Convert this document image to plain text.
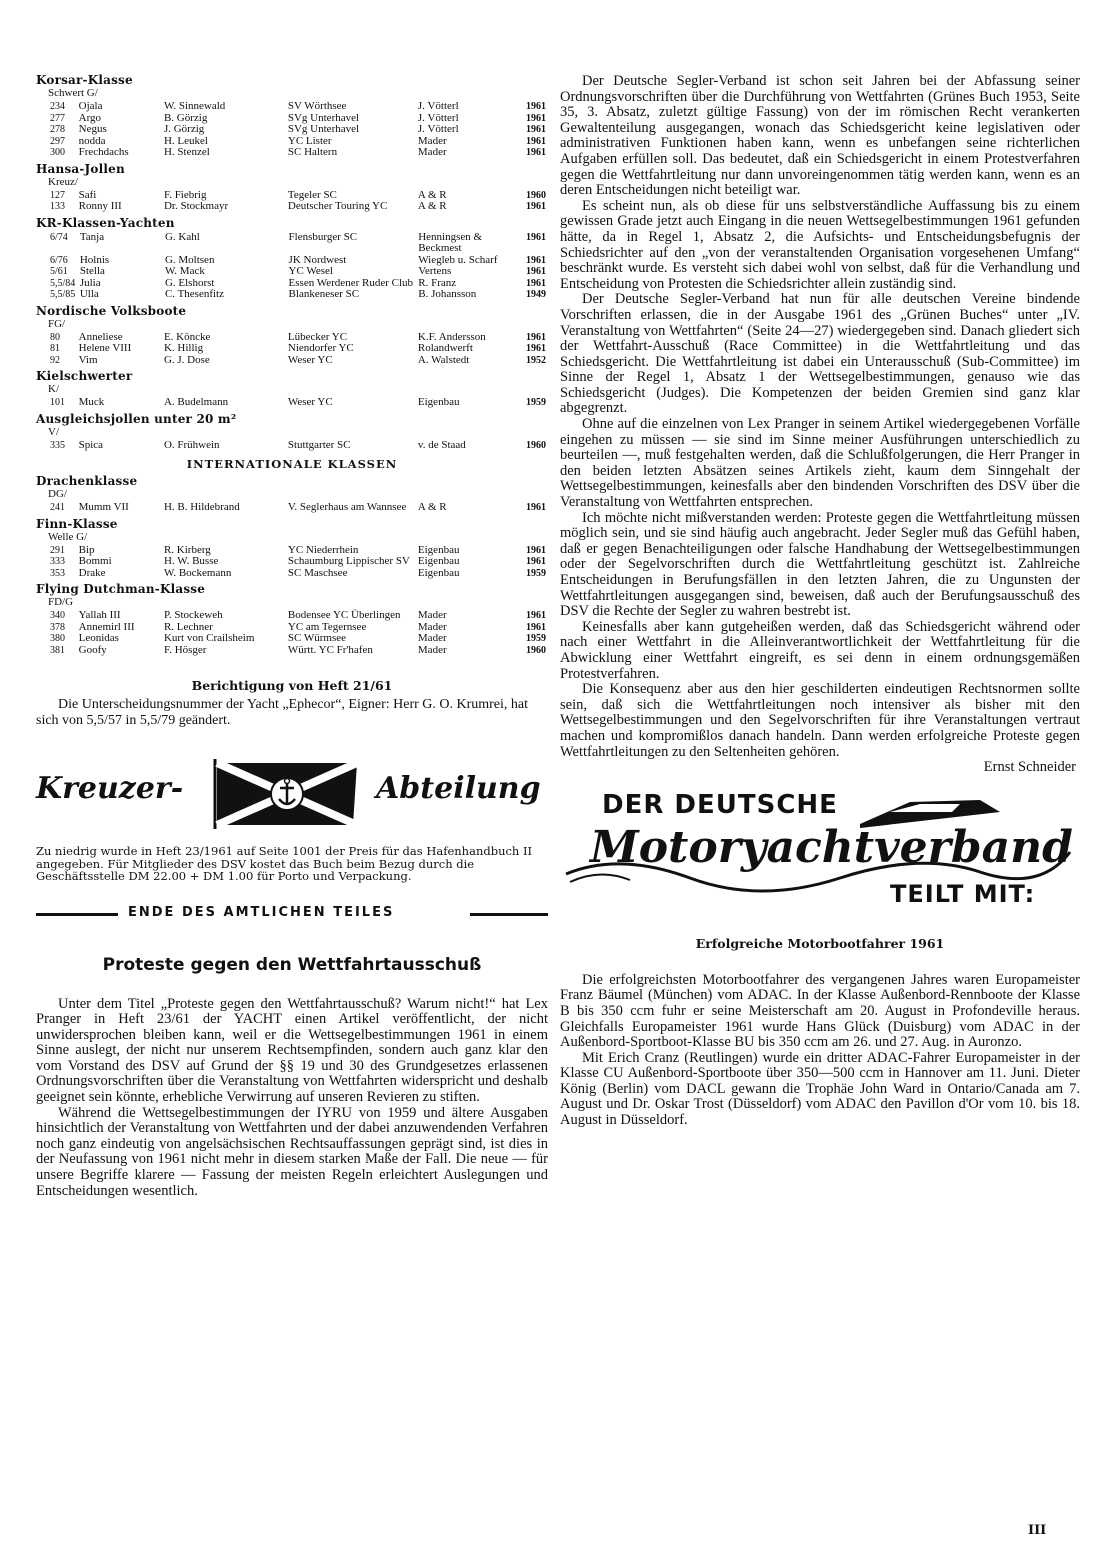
Korsar-Klasse
Schwert G/
234	Ojala	W. Sinnewald	SV Wörthsee	J. Vötterl	1961
277	Argo	B. Görzig	SVg Unterhavel	J. Vötterl	1961
278	Negus	J. Görzig	SVg Unterhavel	J. Vötterl	1961
297	nodda	H. Leukel	YC Lister	Mader	1961
300	Frechdachs	H. Stenzel	SC Haltern	Mader	1961
Hansa-Jollen
Kreuz/
127	Safi	F. Fiebrig	Tegeler SC	A & R	1960
133	Ronny III	Dr. Stockmayr	Deutscher Touring YC	A & R	1961
KR-Klassen-Yachten
6/74	Tanja	G. Kahl	Flensburger SC	Henningsen & Beckmest	1961
6/76	Holnis	G. Moltsen	JK Nordwest	Wiegleb u. Scharf	1961
5/61	Stella	W. Mack	YC Wesel	Vertens	1961
5,5/84	Julia	G. Elshorst	Essen Werdener Ruder Club	R. Franz	1961
5,5/85	Ulla	C. Thesenfitz	Blankeneser SC	B. Johansson	1949
Nordische Volksboote
FG/
80	Anneliese	E. Köncke	Lübecker YC	K.F. Andersson	1961
81	Helene VIII	K. Hillig	Niendorfer YC	Rolandwerft	1961
92	Vim	G. J. Dose	Weser YC	A. Walstedt	1952
Kielschwerter
K/
101	Muck	A. Budelmann	Weser YC	Eigenbau	1959
Ausgleichsjollen unter 20 m²
V/
335	Spica	O. Frühwein	Stuttgarter SC	v. de Staad	1960
INTERNATIONALE KLASSEN
Drachenklasse
DG/
241	Mumm VII	H. B. Hildebrand	V. Seglerhaus am Wannsee	A & R	1961
Finn-Klasse
Welle G/
291	Bip	R. Kirberg	YC Niederrhein	Eigenbau	1961
333	Bommi	H. W. Busse	Schaumburg Lippischer SV	Eigenbau	1961
353	Drake	W. Bockemann	SC Maschsee	Eigenbau	1959
Flying Dutchman-Klasse
FD/G
340	Yallah III	P. Stockeweh	Bodensee YC Überlingen	Mader	1961
378	Annemirl III	R. Lechner	YC am Tegernsee	Mader	1961
380	Leonidas	Kurt von Crailsheim	SC Würmsee	Mader	1959
381	Goofy	F. Hösger	Württ. YC Fr'hafen	Mader	1960
Berichtigung von Heft 21/61
Die Unterscheidungsnummer der Yacht „Ephecor“, Eigner: Herr G. O. Krumrei, hat sich von 5,5/57 in 5,5/79 geändert.
Kreuzer-	Abteilung
Zu niedrig wurde in Heft 23/1961 auf Seite 1001 der Preis für das Hafenhandbuch II angegeben. Für Mitglieder des DSV kostet das Buch beim Bezug durch die Geschäftsstelle DM 22.00 + DM 1.00 für Porto und Verpackung.
ENDE DES AMTLICHEN TEILES
Proteste gegen den Wettfahrtausschuß

Unter dem Titel „Proteste gegen den Wettfahrtausschuß? Warum nicht!“ hat Lex Pranger in Heft 23/61 der YACHT einen Artikel veröffentlicht, der nicht unwidersprochen bleiben kann, weil er die Wettsegelbestimmungen 1961 in einem Sinne auslegt, der nicht nur unserem Rechtsempfinden, sondern auch ganz klar den vom Vorstand des DSV auf Grund der §§ 19 und 30 des Grundgesetzes erlassenen Ordnungsvorschriften über die Veranstaltung von Wettfahrten widerspricht und deshalb geeignet sein könnte, erhebliche Verwirrung auf unseren Revieren zu stiften.

Während die Wettsegelbestimmungen der IYRU von 1959 und ältere Ausgaben hinsichtlich der Veranstaltung von Wettfahrten und der dabei anzuwendenden Verfahren noch ganz eindeutig von angelsächsischen Rechtsauffassungen geprägt sind, ist dies in der Neufassung von 1961 nicht mehr in diesem starken Maße der Fall. Die neue — für unsere Begriffe klarere — Fassung der meisten Regeln erleichtert Auslegungen und Entscheidungen wesentlich.

Der Deutsche Segler-Verband ist schon seit Jahren bei der Abfassung seiner Ordnungsvorschriften über die Durchführung von Wettfahrten (Grünes Buch 1953, Seite 35, 3. Absatz, zuletzt gültige Fassung) von der im römischen Recht verankerten Gewaltenteilung ausgegangen, wonach das Schiedsgericht keine legislativen oder administrativen Funktionen haben kann, wenn es unbefangen seine richterlichen Aufgaben erfüllen soll. Das bedeutet, daß ein Schiedsgericht in einem Protestverfahren gegen die Wettfahrtleitung nur dann unvoreingenommen tätig werden kann, wenn es an deren Entscheidungen nicht beteiligt war.

Es scheint nun, als ob diese für uns selbstverständliche Auffassung bis zu einem gewissen Grade jetzt auch Eingang in die neuen Wettsegelbestimmungen 1961 gefunden hätte, da in Regel 1, Absatz 2, die Aufsichts- und Entscheidungsbefugnis der Schiedsrichter auf den „von der veranstaltenden Organisation vorgesehenen Umfang“ beschränkt wurde. Es versteht sich dabei wohl von selbst, daß für die Verhandlung und Entscheidung von Protesten die Schiedsrichter allein zuständig sind.

Der Deutsche Segler-Verband hat nun für alle deutschen Vereine bindende Vorschriften erlassen, die in der Ausgabe 1961 des „Grünen Buches“ unter „IV. Veranstaltung von Wettfahrten“ (Seite 24—27) wiedergegeben sind. Danach gliedert sich der Wettfahrt-Ausschuß (Race Committee) in die Wettfahrtleitung und das Schiedsgericht. Die Wettfahrtleitung ist dabei ein Unterausschuß (Sub-Committee) im Sinne der Regel 1, Absatz 1 der Wettsegelbestimmungen, genauso wie das Schiedsgericht (Judges). Die Kompetenzen der beiden Gremien sind ganz klar abgegrenzt.

Ohne auf die einzelnen von Lex Pranger in seinem Artikel wiedergegebenen Vorfälle eingehen zu müssen — sie sind im Sinne meiner Ausführungen unterschiedlich zu beurteilen —, muß festgehalten werden, daß die Schlußfolgerungen, die Herr Pranger in den beiden letzten Absätzen seines Artikels zieht, kaum dem Sinngehalt der Wettsegelbestimmungen, keinesfalls aber den bindenden Vorschriften des DSV über die Veranstaltung von Wettfahrten entsprechen.

Ich möchte nicht mißverstanden werden: Proteste gegen die Wettfahrtleitung müssen möglich sein, und sie sind häufig auch angebracht. Jeder Segler muß das Gefühl haben, daß er gegen Benachteiligungen oder falsche Handhabung der Wettsegelbestimmungen oder der Segelvorschriften durch die Wettfahrtleitung geschützt ist. Zahlreiche Entscheidungen in Berufungsfällen in den letzten Jahren, die zu Ungunsten der Wettfahrtleitungen ausgegangen sind, beweisen, daß auch der Berufungsausschuß des DSV die Rechte der Segler zu wahren bestrebt ist.

Keinesfalls aber kann gutgeheißen werden, daß das Schiedsgericht während oder nach einer Wettfahrt in die Alleinverantwortlichkeit der Wettfahrtleitung für die Abwicklung einer Wettfahrt eingreift, es sei denn in einem ordnungsgemäßen Protestverfahren.

Die Konsequenz aber aus den hier geschilderten eindeutigen Rechtsnormen sollte sein, daß sich die Wettfahrtleitungen noch intensiver als bisher mit den Wettsegelbestimmungen und den Segelvorschriften für ihre Veranstaltungen vertraut machen und kompromißlos danach handeln. Dann werden erfolgreiche Proteste gegen Wettfahrtleitungen zu den Seltenheiten gehören.

Ernst Schneider
DER DEUTSCHE
Motoryachtverband
TEILT MIT:
Erfolgreiche Motorbootfahrer 1961

Die erfolgreichsten Motorbootfahrer des vergangenen Jahres waren Europameister Franz Bäumel (München) vom ADAC. In der Klasse Außenbord-Rennboote der Klasse B bis 350 ccm fuhr er seine Meisterschaft am 20. August in Profondeville heraus. Gleichfalls Europameister 1961 wurde Hans Glück (Duisburg) vom ADAC in der Außenbord-Sportboot-Klasse BU bis 350 ccm am 26. und 27. Aug. in Auronzo.

Mit Erich Cranz (Reutlingen) wurde ein dritter ADAC-Fahrer Europameister in der Klasse CU Außenbord-Sportboote über 350—500 ccm in Hannover am 11. Juni. Dieter König (Berlin) vom DACL gewann die Trophäe John Ward in Ontario/Canada am 7. August und Dr. Oskar Trost (Düsseldorf) vom ADAC den Pavillon d'Or vom 10. bis 18. August in Düsseldorf.

III
